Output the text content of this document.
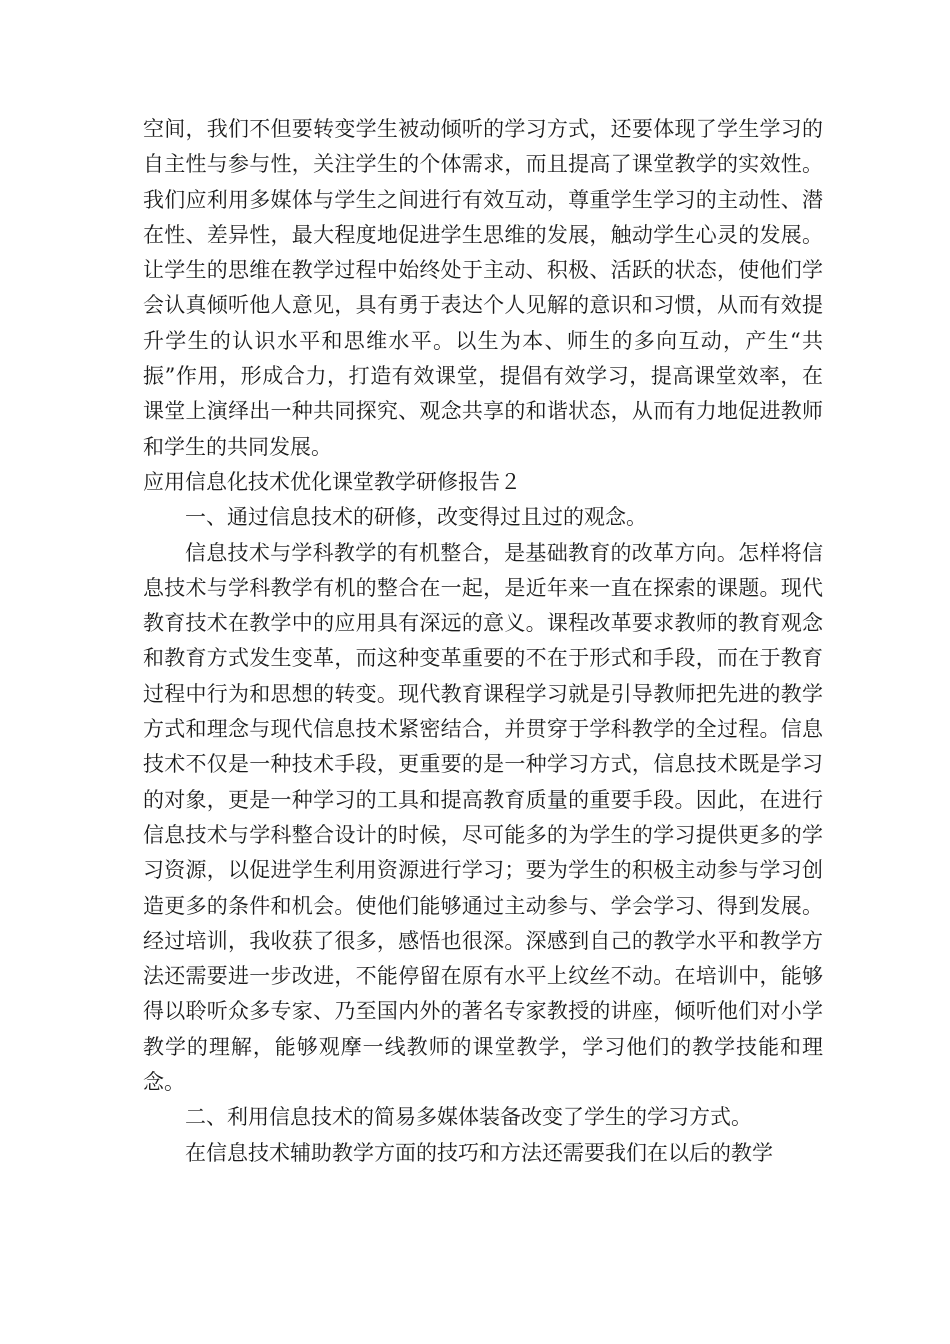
空间，我们不但要转变学生被动倾听的学习方式，还要体现了学生学习的自主性与参与性，关注学生的个体需求，而且提高了课堂教学的实效性。我们应利用多媒体与学生之间进行有效互动，尊重学生学习的主动性、潜在性、差异性，最大程度地促进学生思维的发展，触动学生心灵的发展。让学生的思维在教学过程中始终处于主动、积极、活跃的状态，使他们学会认真倾听他人意见，具有勇于表达个人见解的意识和习惯，从而有效提升学生的认识水平和思维水平。以生为本、师生的多向互动，产生“共振”作用，形成合力，打造有效课堂，提倡有效学习，提高课堂效率，在课堂上演绎出一种共同探究、观念共享的和谐状态，从而有力地促进教师和学生的共同发展。

应用信息化技术优化课堂教学研修报告２

一、通过信息技术的研修，改变得过且过的观念。

信息技术与学科教学的有机整合，是基础教育的改革方向。怎样将信息技术与学科教学有机的整合在一起，是近年来一直在探索的课题。现代教育技术在教学中的应用具有深远的意义。课程改革要求教师的教育观念和教育方式发生变革，而这种变革重要的不在于形式和手段，而在于教育过程中行为和思想的转变。现代教育课程学习就是引导教师把先进的教学方式和理念与现代信息技术紧密结合，并贯穿于学科教学的全过程。信息技术不仅是一种技术手段，更重要的是一种学习方式，信息技术既是学习的对象，更是一种学习的工具和提高教育质量的重要手段。因此，在进行信息技术与学科整合设计的时候，尽可能多的为学生的学习提供更多的学习资源，以促进学生利用资源进行学习；要为学生的积极主动参与学习创造更多的条件和机会。使他们能够通过主动参与、学会学习、得到发展。经过培训，我收获了很多，感悟也很深。深感到自己的教学水平和教学方法还需要进一步改进，不能停留在原有水平上纹丝不动。在培训中，能够得以聆听众多专家、乃至国内外的著名专家教授的讲座，倾听他们对小学教学的理解，能够观摩一线教师的课堂教学，学习他们的教学技能和理念。

二、利用信息技术的简易多媒体装备改变了学生的学习方式。

在信息技术辅助教学方面的技巧和方法还需要我们在以后的教学
